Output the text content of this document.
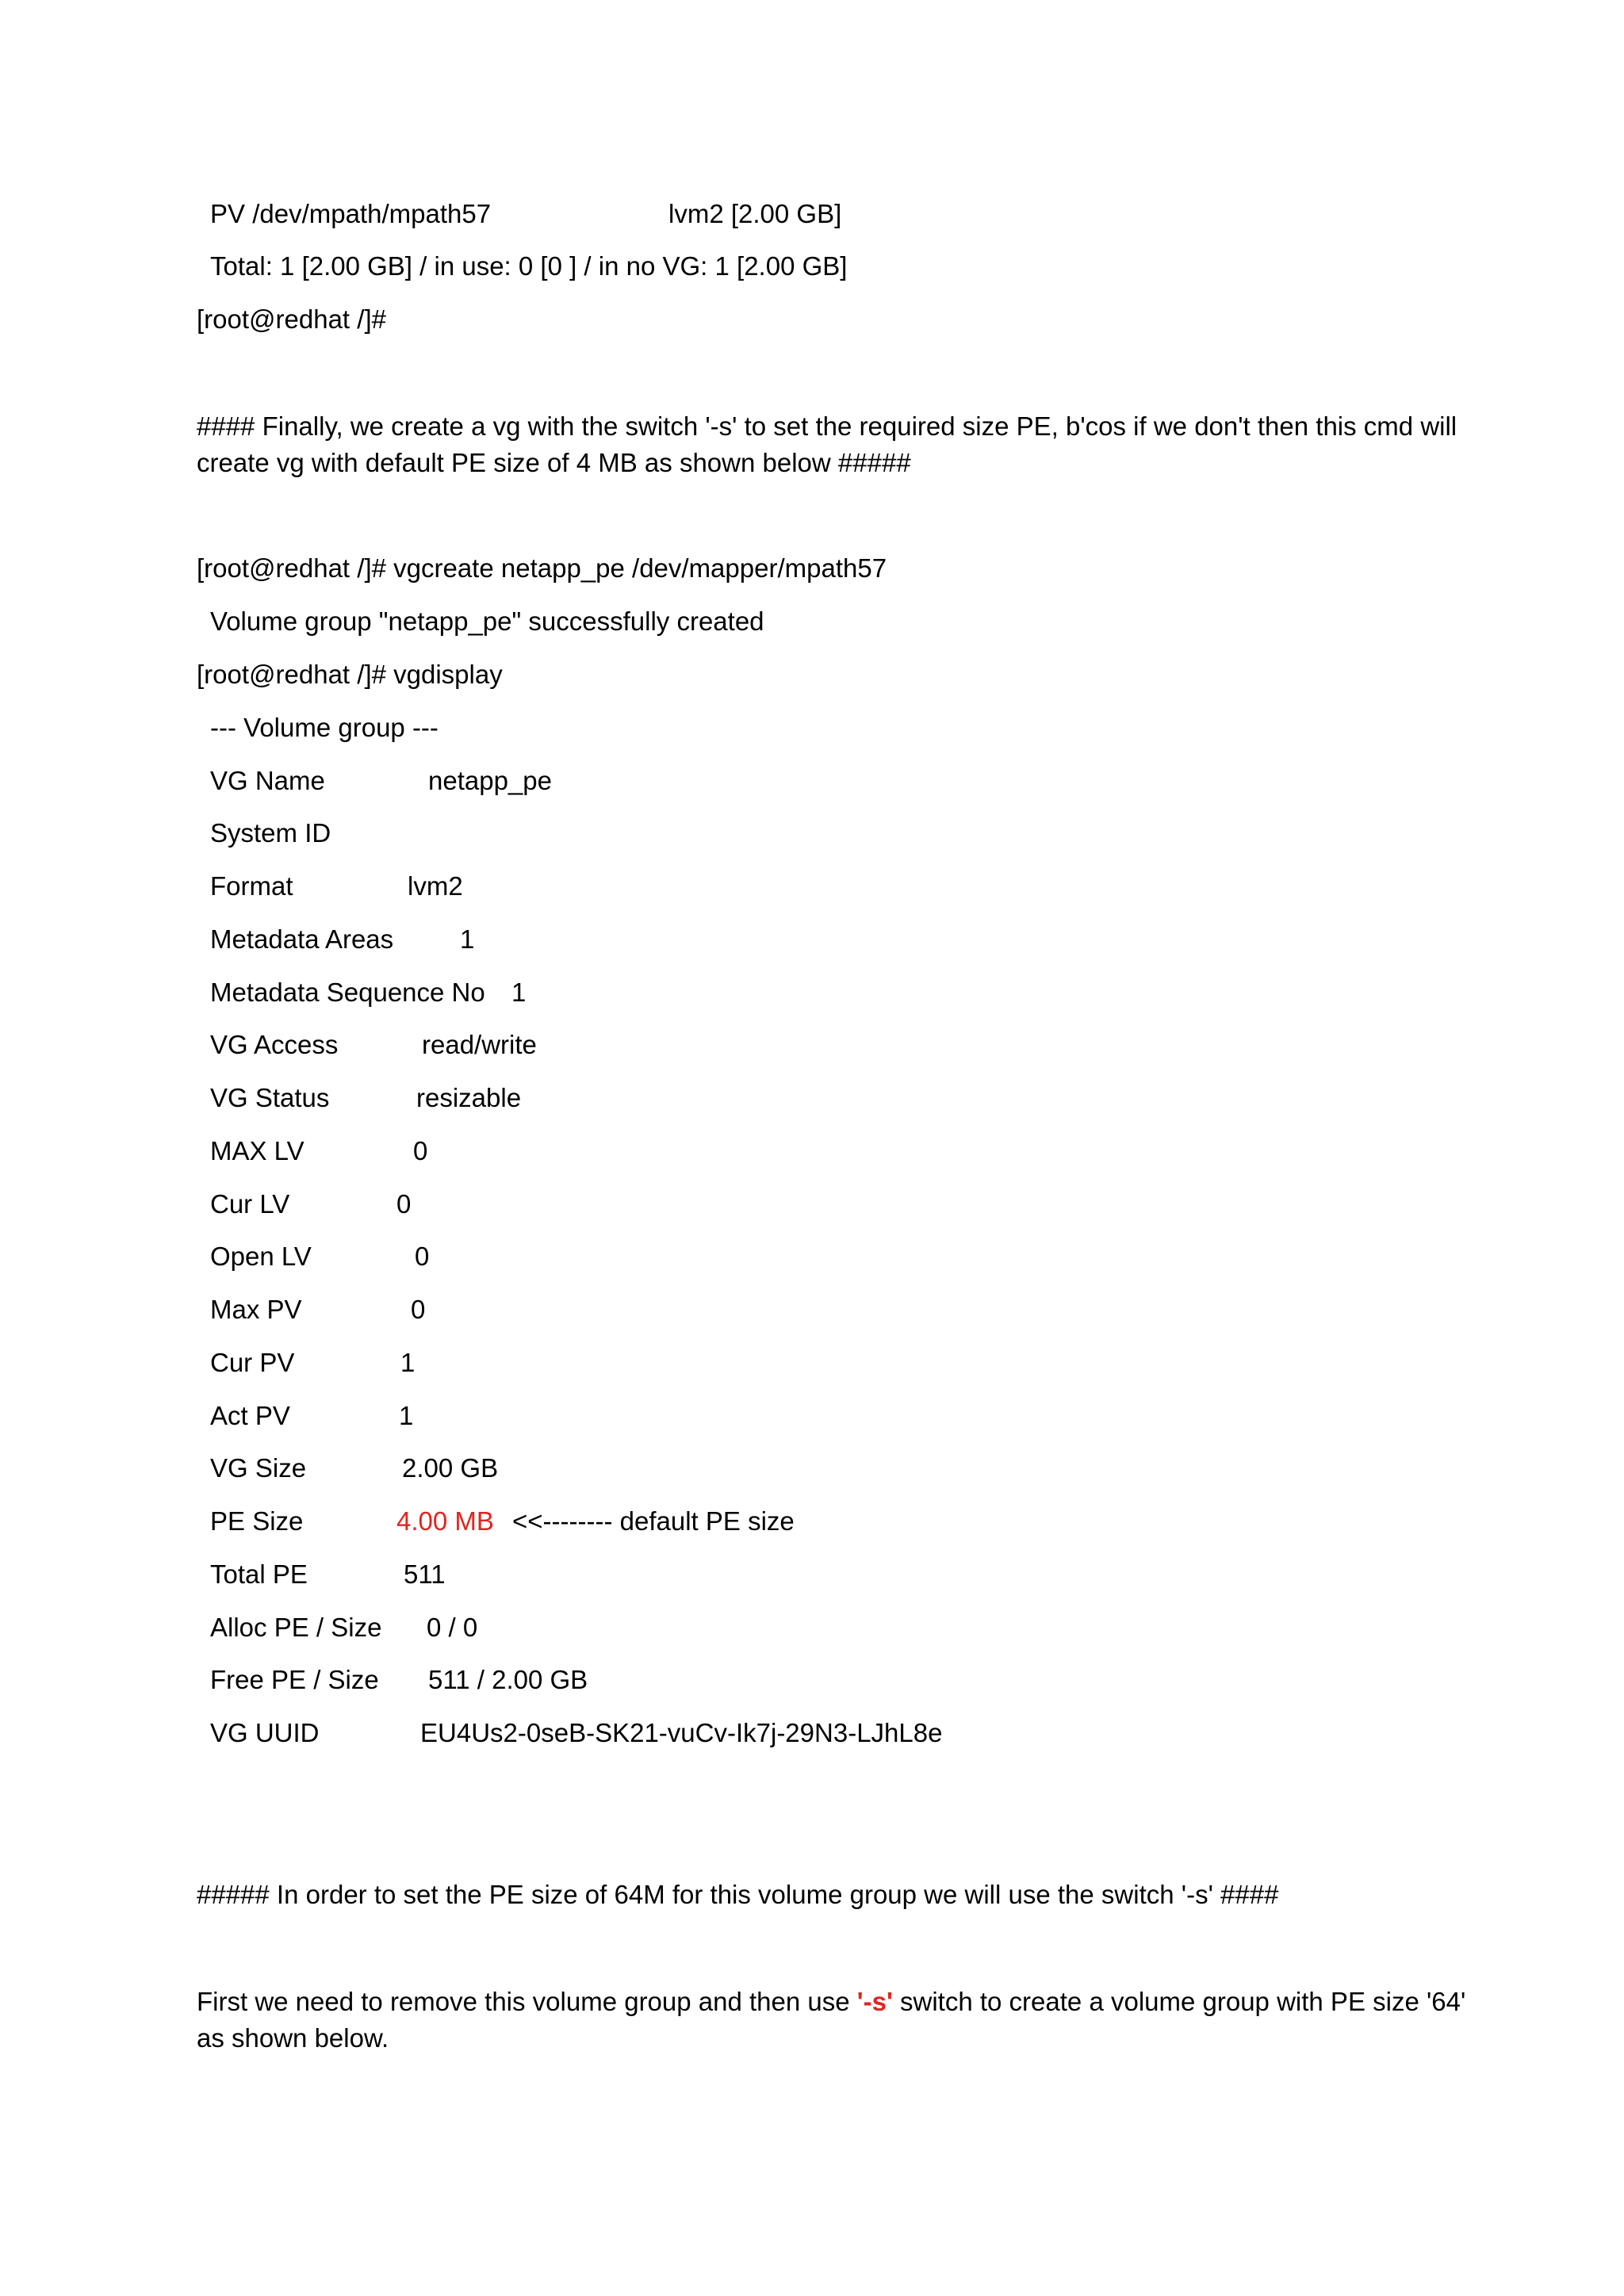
PV /dev/mpath/mpath57	lvm2 [2.00 GB]
Total: 1 [2.00 GB] / in use: 0 [0 ] / in no VG: 1 [2.00 GB]
[root@redhat /]#
#### Finally, we create a vg with the switch '-s' to set the required size PE, b'cos if we don't then this cmd will create vg with default PE size of 4 MB as shown below #####
[root@redhat /]# vgcreate netapp_pe /dev/mapper/mpath57
Volume group "netapp_pe" successfully created
[root@redhat /]# vgdisplay
--- Volume group ---
VG Name	netapp_pe
System ID
Format	lvm2
Metadata Areas	1
Metadata Sequence No 1
VG Access	read/write
VG Status	resizable
MAX LV	0
Cur LV	0
Open LV	0
Max PV	0
Cur PV	1
Act PV	1
VG Size	2.00 GB
PE Size	4.00 MB <<-------- default PE size
Total PE	511
Alloc PE / Size 0 / 0
Free PE / Size 511 / 2.00 GB
VG UUID	EU4Us2-0seB-SK21-vuCv-Ik7j-29N3-LJhL8e
##### In order to set the PE size of 64M for this volume group we will use the switch '-s' ####
First we need to remove this volume group and then use '-s' switch to create a volume group with PE size '64' as shown below.
